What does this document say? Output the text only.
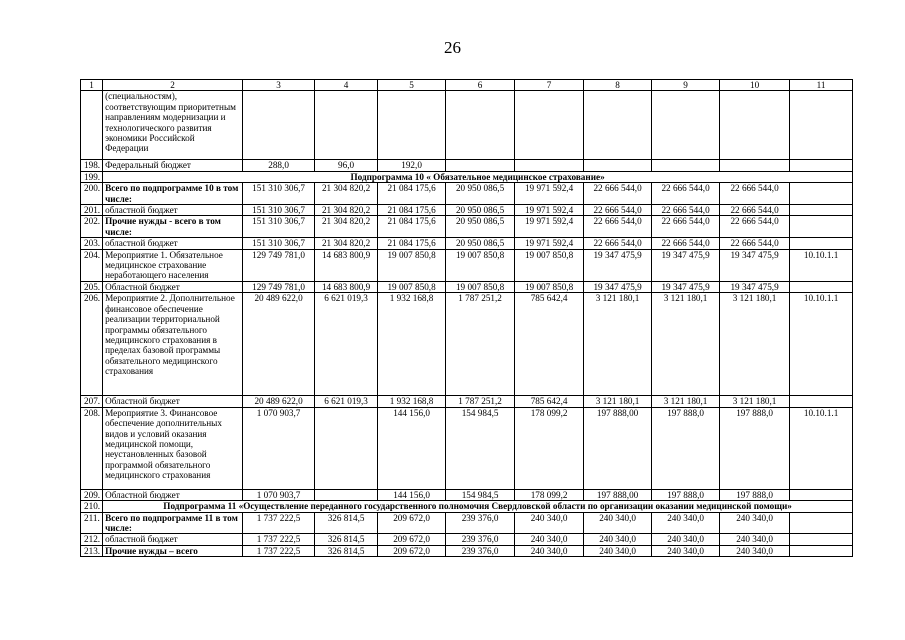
26
1	2	3	4	5	6	7	8	9	10	11
	(специальностям), соответствующим приоритетным направлениям модернизации и технологического развития экономики Российской Федерации									
198.	Федеральный бюджет	288,0	96,0	192,0						
199.	Подпрограмма 10 « Обязательное медицинское страхование»									
200.	Всего по подпрограмме 10 в том числе:	151 310 306,7	21 304 820,2	21 084 175,6	20 950 086,5	19 971 592,4	22 666 544,0	22 666 544,0	22 666 544,0	
201.	областной бюджет	151 310 306,7	21 304 820,2	21 084 175,6	20 950 086,5	19 971 592,4	22 666 544,0	22 666 544,0	22 666 544,0	
202.	Прочие нужды - всего в том числе:	151 310 306,7	21 304 820,2	21 084 175,6	20 950 086,5	19 971 592,4	22 666 544,0	22 666 544,0	22 666 544,0	
203.	областной бюджет	151 310 306,7	21 304 820,2	21 084 175,6	20 950 086,5	19 971 592,4	22 666 544,0	22 666 544,0	22 666 544,0	
204.	Мероприятие 1. Обязательное медицинское страхование неработающего населения	129 749 781,0	14 683 800,9	19 007 850,8	19 007 850,8	19 007 850,8	19 347 475,9	19 347 475,9	19 347 475,9	10.10.1.1
205.	Областной бюджет	129 749 781,0	14 683 800,9	19 007 850,8	19 007 850,8	19 007 850,8	19 347 475,9	19 347 475,9	19 347 475,9	
206.	Мероприятие 2. Дополнительное финансовое обеспечение реализации территориальной программы обязательного медицинского страхования в пределах базовой программы обязательного медицинского страхования	20 489 622,0	6 621 019,3	1 932 168,8	1 787 251,2	785 642,4	3 121 180,1	3 121 180,1	3 121 180,1	10.10.1.1
207.	Областной бюджет	20 489 622,0	6 621 019,3	1 932 168,8	1 787 251,2	785 642,4	3 121 180,1	3 121 180,1	3 121 180,1	
208.	Мероприятие 3. Финансовое обеспечение дополнительных видов и условий оказания медицинской помощи, неустановленных базовой программой обязательного медицинского страхования	1 070 903,7		144 156,0	154 984,5	178 099,2	197 888,00	197 888,0	197 888,0	10.10.1.1
209.	Областной бюджет	1 070 903,7		144 156,0	154 984,5	178 099,2	197 888,00	197 888,0	197 888,0	
210.	Подпрограмма 11 «Осуществление переданного государственного полномочия Свердловской области по организации оказании медицинской помощи»									
211.	Всего по подпрограмме 11 в том числе:	1 737 222,5	326 814,5	209 672,0	239 376,0	240 340,0	240 340,0	240 340,0	240 340,0	
212.	областной бюджет	1 737 222,5	326 814,5	209 672,0	239 376,0	240 340,0	240 340,0	240 340,0	240 340,0	
213.	Прочие нужды – всего	1 737 222,5	326 814,5	209 672,0	239 376,0	240 340,0	240 340,0	240 340,0	240 340,0	
